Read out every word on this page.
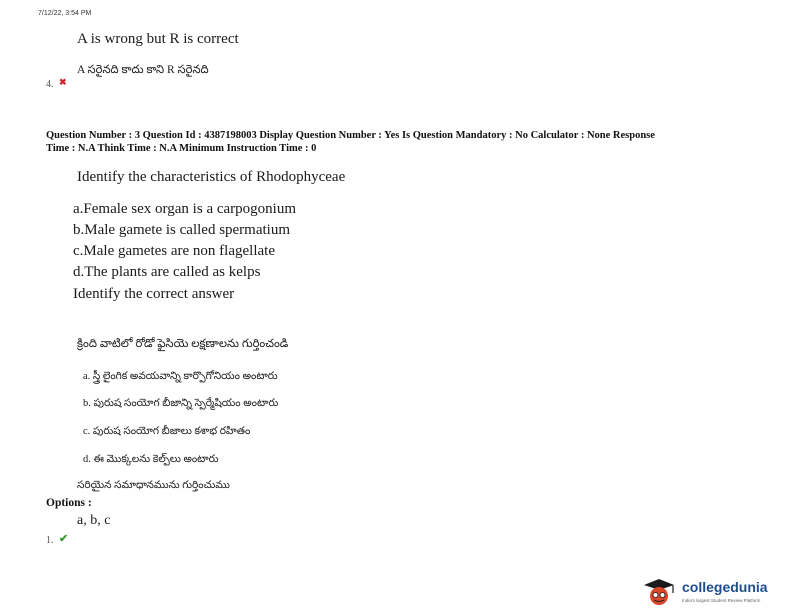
7/12/22, 3:54 PM
A is wrong but R is correct
A సరైనది కాదు కాని R సరైనది
4. ✖
Question Number : 3 Question Id : 4387198003 Display Question Number : Yes Is Question Mandatory : No Calculator : None Response
Time : N.A Think Time : N.A Minimum Instruction Time : 0
Identify the characteristics of Rhodophyceae
a.Female sex organ is a carpogonium
b.Male gamete is called spermatium
c.Male gametes are non flagellate
d.The plants are called as kelps
Identify the correct answer
క్రింది వాటిలో రోడో ఫైసియె లక్షణాలను గుర్తించండి
a. స్త్రీ లైంగిక అవయవాన్ని కార్పొగోనియం అంటారు
b. పురుష సంయోగ బీజాన్ని స్పెర్మేషియం అంటారు
c. పురుష సంయోగ బీజాలు కశాభ రహితం
d. ఈ మొక్కలను కెల్ప్‌లు అంటారు
సరియైన సమాధానమును గుర్తించుము
Options :
a, b, c
1. ✔
collegedunia
India's largest Student Review Platform
